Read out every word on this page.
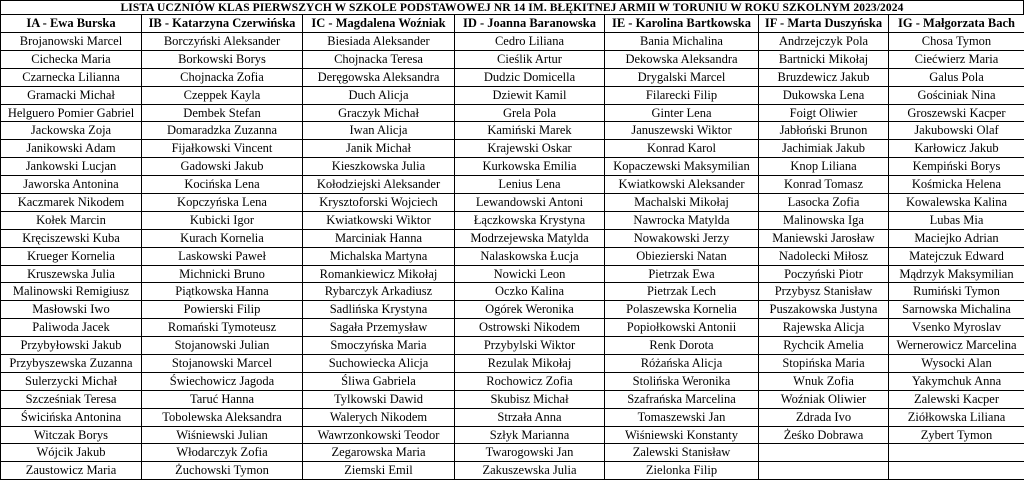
LISTA UCZNIÓW KLAS PIERWSZYCH W SZKOLE PODSTAWOWEJ NR 14 IM. BŁĘKITNEJ ARMII W TORUNIU W ROKU SZKOLNYM 2023/2024
IA - Ewa Burska	IB - Katarzyna Czerwińska	IC - Magdalena Woźniak	ID - Joanna Baranowska	IE - Karolina Bartkowska	IF - Marta Duszyńska	IG - Małgorzata Bach
Brojanowski Marcel	Borczyński Aleksander	Biesiada Aleksander	Cedro Liliana	Bania Michalina	Andrzejczyk Pola	Chosa Tymon
Cichecka Maria	Borkowski Borys	Chojnacka Teresa	Cieślik Artur	Dekowska Aleksandra	Bartnicki Mikołaj	Ciećwierz Maria
Czarnecka Lilianna	Chojnacka Zofia	Deręgowska Aleksandra	Dudzic Domicella	Drygalski Marcel	Bruzdewicz Jakub	Galus Pola
Gramacki Michał	Czeppek Kayla	Duch Alicja	Dziewit Kamil	Filarecki Filip	Dukowska Lena	Gościniak Nina
Helguero Pomier Gabriel	Dembek Stefan	Graczyk Michał	Grela Pola	Ginter Lena	Foigt Oliwier	Groszewski Kacper
Jackowska Zoja	Domaradzka Zuzanna	Iwan Alicja	Kamiński Marek	Januszewski Wiktor	Jabłoński Brunon	Jakubowski Olaf
Janikowski Adam	Fijałkowski Vincent	Janik Michał	Krajewski Oskar	Konrad Karol	Jachimiak Jakub	Karłowicz Jakub
Jankowski Lucjan	Gadowski Jakub	Kieszkowska Julia	Kurkowska Emilia	Kopaczewski Maksymilian	Knop Liliana	Kempiński Borys
Jaworska Antonina	Kocińska Lena	Kołodziejski Aleksander	Lenius Lena	Kwiatkowski Aleksander	Konrad Tomasz	Kośmicka Helena
Kaczmarek Nikodem	Kopczyńska Lena	Krysztoforski Wojciech	Lewandowski Antoni	Machalski Mikołaj	Lasocka Zofia	Kowalewska Kalina
Kołek Marcin	Kubicki Igor	Kwiatkowski Wiktor	Łączkowska Krystyna	Nawrocka Matylda	Malinowska Iga	Lubas Mia
Kręciszewski Kuba	Kurach Kornelia	Marciniak Hanna	Modrzejewska Matylda	Nowakowski Jerzy	Maniewski Jarosław	Maciejko Adrian
Krueger Kornelia	Laskowski Paweł	Michalska Martyna	Nalaskowska Łucja	Obiezierski Natan	Nadolecki Miłosz	Matejczuk Edward
Kruszewska Julia	Michnicki Bruno	Romankiewicz Mikołaj	Nowicki Leon	Pietrzak Ewa	Poczyński Piotr	Mądrzyk Maksymilian
Malinowski Remigiusz	Piątkowska Hanna	Rybarczyk Arkadiusz	Oczko Kalina	Pietrzak Lech	Przybysz Stanisław	Rumiński Tymon
Masłowski Iwo	Powierski Filip	Sadlińska Krystyna	Ogórek Weronika	Polaszewska Kornelia	Puszakowska Justyna	Sarnowska Michalina
Paliwoda Jacek	Romański Tymoteusz	Sagała Przemysław	Ostrowski Nikodem	Popiołkowski Antonii	Rajewska Alicja	Vsenko Myroslav
Przybyłowski Jakub	Stojanowski Julian	Smoczyńska Maria	Przybylski Wiktor	Renk Dorota	Rychcik Amelia	Wernerowicz Marcelina
Przybyszewska Zuzanna	Stojanowski Marcel	Suchowiecka Alicja	Rezulak Mikołaj	Różańska Alicja	Stopińska Maria	Wysocki Alan
Sulerzycki Michał	Świechowicz Jagoda	Śliwa Gabriela	Rochowicz Zofia	Stolińska Weronika	Wnuk Zofia	Yakymchuk Anna
Szcześniak Teresa	Taruć Hanna	Tylkowski Dawid	Skubisz Michał	Szafrańska Marcelina	Woźniak Oliwier	Zalewski Kacper
Świcińska Antonina	Tobolewska Aleksandra	Walerych Nikodem	Strzała Anna	Tomaszewski Jan	Zdrada Ivo	Ziółkowska Liliana
Witczak Borys	Wiśniewski Julian	Wawrzonkowski Teodor	Szłyk Marianna	Wiśniewski Konstanty	Żeśko Dobrawa	Zybert Tymon
Wójcik Jakub	Włodarczyk Zofia	Zegarowska Maria	Twarogowski Jan	Zalewski Stanisław		
Zaustowicz Maria	Żuchowski Tymon	Ziemski Emil	Zakuszewska Julia	Zielonka Filip		
